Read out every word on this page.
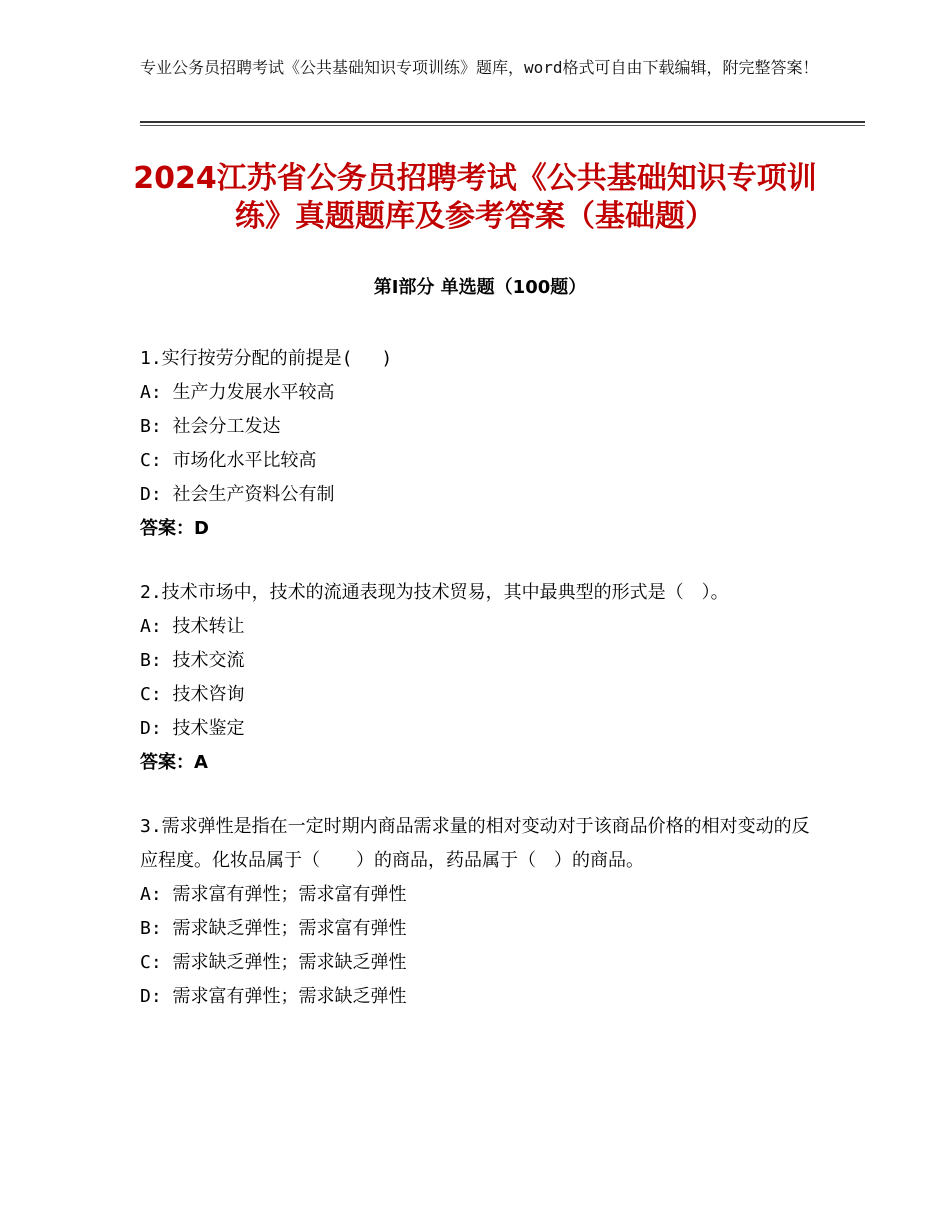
专业公务员招聘考试《公共基础知识专项训练》题库，word格式可自由下载编辑，附完整答案！
2024江苏省公务员招聘考试《公共基础知识专项训练》真题题库及参考答案（基础题）
第Ⅰ部分 单选题（100题）
1.实行按劳分配的前提是(　 )
A: 生产力发展水平较高
B: 社会分工发达
C: 市场化水平比较高
D: 社会生产资料公有制
答案：D
2.技术市场中，技术的流通表现为技术贸易，其中最典型的形式是（　）。
A: 技术转让
B: 技术交流
C: 技术咨询
D: 技术鉴定
答案：A
3.需求弹性是指在一定时期内商品需求量的相对变动对于该商品价格的相对变动的反应程度。化妆品属于（　　）的商品，药品属于（　）的商品。
A: 需求富有弹性；需求富有弹性
B: 需求缺乏弹性；需求富有弹性
C: 需求缺乏弹性；需求缺乏弹性
D: 需求富有弹性；需求缺乏弹性
